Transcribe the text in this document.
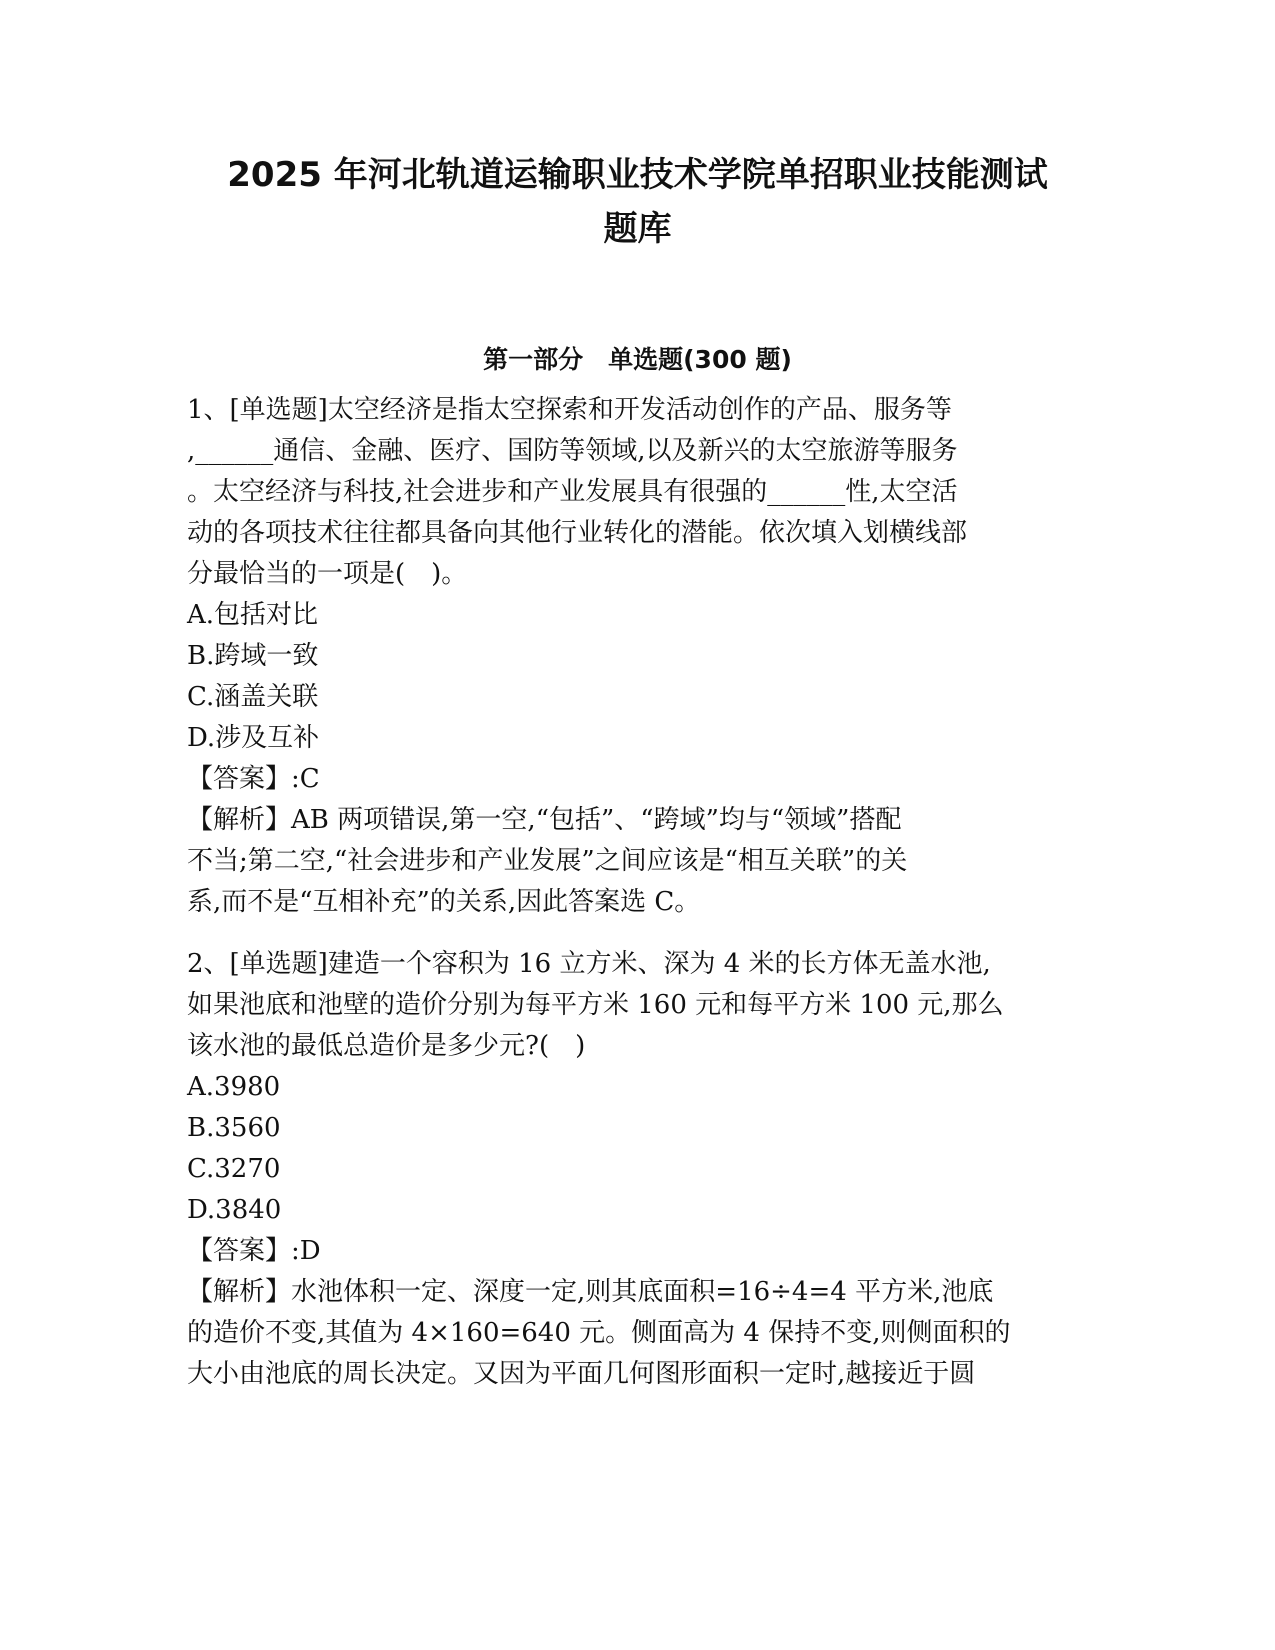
2025 年河北轨道运输职业技术学院单招职业技能测试
题库
第一部分　单选题(300 题)

1、[单选题]太空经济是指太空探索和开发活动创作的产品、服务等

,______通信、金融、医疗、国防等领域,以及新兴的太空旅游等服务

。太空经济与科技,社会进步和产业发展具有很强的______性,太空活

动的各项技术往往都具备向其他行业转化的潜能。依次填入划横线部

分最恰当的一项是(　)。

A.包括对比

B.跨域一致

C.涵盖关联

D.涉及互补

【答案】:C

【解析】AB 两项错误,第一空,“包括”、“跨域”均与“领域”搭配

不当;第二空,“社会进步和产业发展”之间应该是“相互关联”的关

系,而不是“互相补充”的关系,因此答案选 C。

2、[单选题]建造一个容积为 16 立方米、深为 4 米的长方体无盖水池,

如果池底和池壁的造价分别为每平方米 160 元和每平方米 100 元,那么

该水池的最低总造价是多少元?(　)

A.3980

B.3560

C.3270

D.3840

【答案】:D

【解析】水池体积一定、深度一定,则其底面积=16÷4=4 平方米,池底

的造价不变,其值为 4×160=640 元。侧面高为 4 保持不变,则侧面积的

大小由池底的周长决定。又因为平面几何图形面积一定时,越接近于圆
